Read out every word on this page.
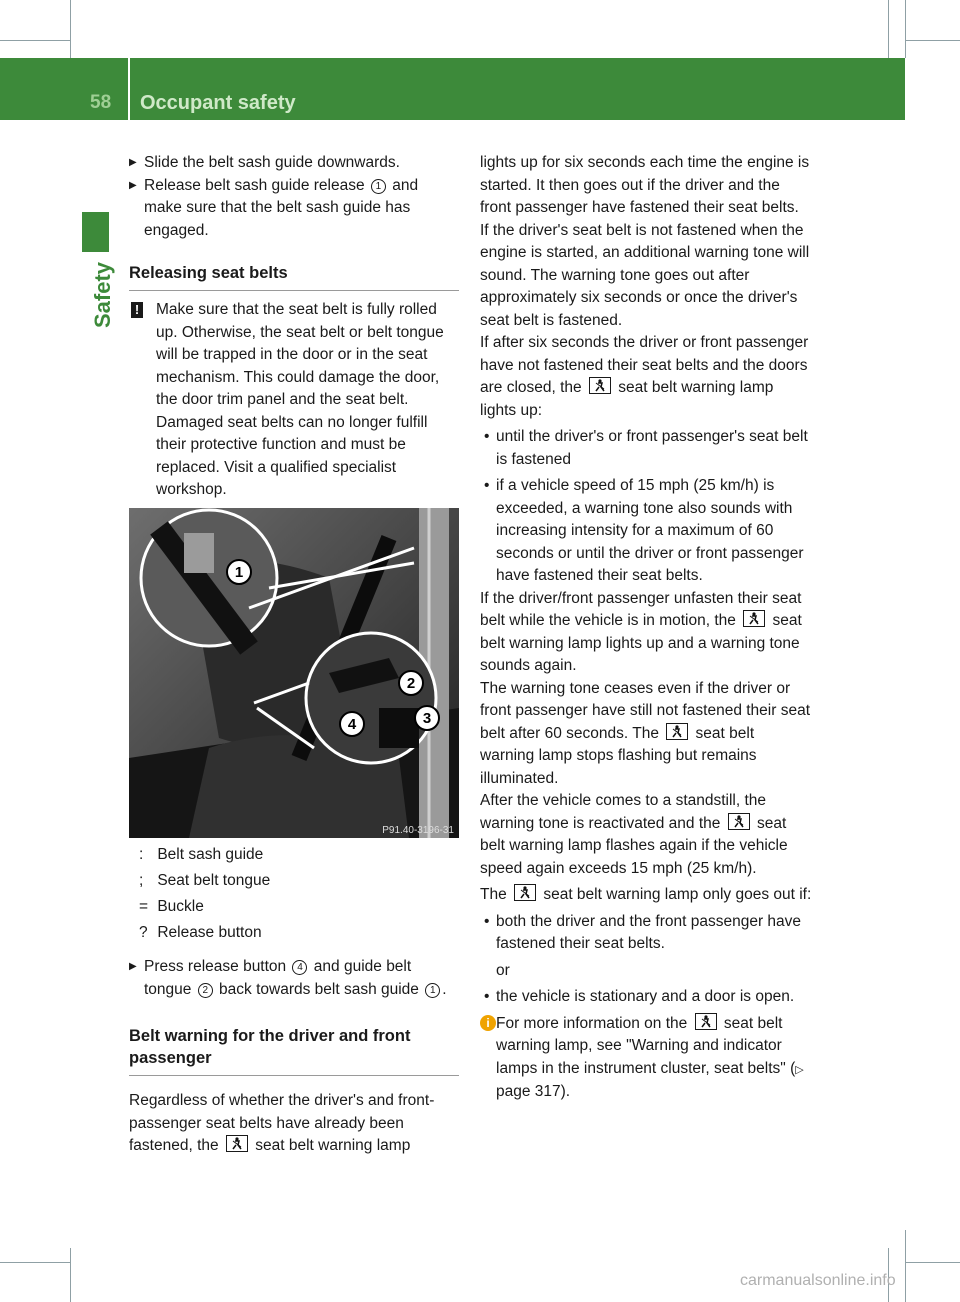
58 Occupant safety
Safety

▶ Slide the belt sash guide downwards.

▶ Release belt sash guide release 1 and make sure that the belt sash guide has engaged.

Releasing seat belts

! Make sure that the seat belt is fully rolled up. Otherwise, the seat belt or belt tongue will be trapped in the door or in the seat mechanism. This could damage the door, the door trim panel and the seat belt. Damaged seat belts can no longer fulfill their protective function and must be replaced. Visit a qualified specialist workshop.

1
2
3
4
P91.40-3196-31
: Belt sash guide
; Seat belt tongue
= Buckle
? Release button

▶ Press release button 4 and guide belt tongue 2 back towards belt sash guide 1 .

Belt warning for the driver and front passenger

Regardless of whether the driver's and front-passenger seat belts have already been fastened, the
seat belt warning lamp

lights up for six seconds each time the engine is started. It then goes out if the driver and the front passenger have fastened their seat belts.

If the driver's seat belt is not fastened when the engine is started, an additional warning tone will sound. The warning tone goes out after approximately six seconds or once the driver's seat belt is fastened.

If after six seconds the driver or front passenger have not fastened their seat belts and the doors are closed, the
seat belt warning lamp lights up:

• until the driver's or front passenger's seat belt is fastened

• if a vehicle speed of 15 mph (25 km/h) is exceeded, a warning tone also sounds with increasing intensity for a maximum of 60 seconds or until the driver or front passenger have fastened their seat belts.

If the driver/front passenger unfasten their seat belt while the vehicle is in motion, the
seat belt warning lamp lights up and a warning tone sounds again.

The warning tone ceases even if the driver or front passenger have still not fastened their seat belt after 60 seconds. The
seat belt warning lamp stops flashing but remains illuminated.

After the vehicle comes to a standstill, the warning tone is reactivated and the
seat belt warning lamp flashes again if the vehicle speed again exceeds 15 mph (25 km/h).

The
seat belt warning lamp only goes out if:

• both the driver and the front passenger have fastened their seat belts.

or

• the vehicle is stationary and a door is open.

i For more information on the
seat belt warning lamp, see "Warning and indicator lamps in the instrument cluster, seat belts" (▷ page 317).

carmanualsonline.info
